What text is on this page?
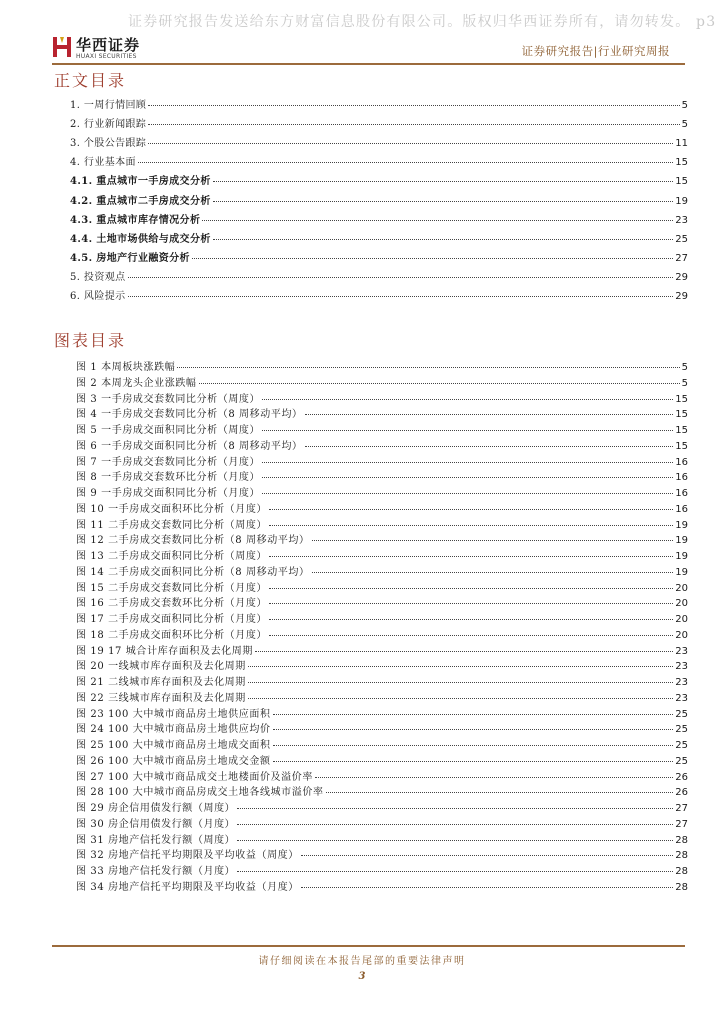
证券研究报告发送给东方财富信息股份有限公司。版权归华西证券所有，请勿转发。 p3
华西证券
HUAXI SECURITIES	证券研究报告|行业研究周报
正文目录
1. 一周行情回顾	5
2. 行业新闻跟踪	5
3. 个股公告跟踪	11
4. 行业基本面	15
4.1. 重点城市一手房成交分析	15
4.2. 重点城市二手房成交分析	19
4.3. 重点城市库存情况分析	23
4.4. 土地市场供给与成交分析	25
4.5. 房地产行业融资分析	27
5. 投资观点	29
6. 风险提示	29
图表目录
图 1 本周板块涨跌幅	5
图 2 本周龙头企业涨跌幅	5
图 3 一手房成交套数同比分析（周度）	15
图 4 一手房成交套数同比分析（8 周移动平均）	15
图 5 一手房成交面积同比分析（周度）	15
图 6 一手房成交面积同比分析（8 周移动平均）	15
图 7 一手房成交套数同比分析（月度）	16
图 8 一手房成交套数环比分析（月度）	16
图 9 一手房成交面积同比分析（月度）	16
图 10 一手房成交面积环比分析（月度）	16
图 11 二手房成交套数同比分析（周度）	19
图 12 二手房成交套数同比分析（8 周移动平均）	19
图 13 二手房成交面积同比分析（周度）	19
图 14 二手房成交面积同比分析（8 周移动平均）	19
图 15 二手房成交套数同比分析（月度）	20
图 16 二手房成交套数环比分析（月度）	20
图 17 二手房成交面积同比分析（月度）	20
图 18 二手房成交面积环比分析（月度）	20
图 19 17 城合计库存面积及去化周期	23
图 20 一线城市库存面积及去化周期	23
图 21 二线城市库存面积及去化周期	23
图 22 三线城市库存面积及去化周期	23
图 23 100 大中城市商品房土地供应面积	25
图 24 100 大中城市商品房土地供应均价	25
图 25 100 大中城市商品房土地成交面积	25
图 26 100 大中城市商品房土地成交金额	25
图 27 100 大中城市商品成交土地楼面价及溢价率	26
图 28 100 大中城市商品房成交土地各线城市溢价率	26
图 29 房企信用债发行额（周度）	27
图 30 房企信用债发行额（月度）	27
图 31 房地产信托发行额（周度）	28
图 32 房地产信托平均期限及平均收益（周度）	28
图 33 房地产信托发行额（月度）	28
图 34 房地产信托平均期限及平均收益（月度）	28
请仔细阅读在本报告尾部的重要法律声明
3
